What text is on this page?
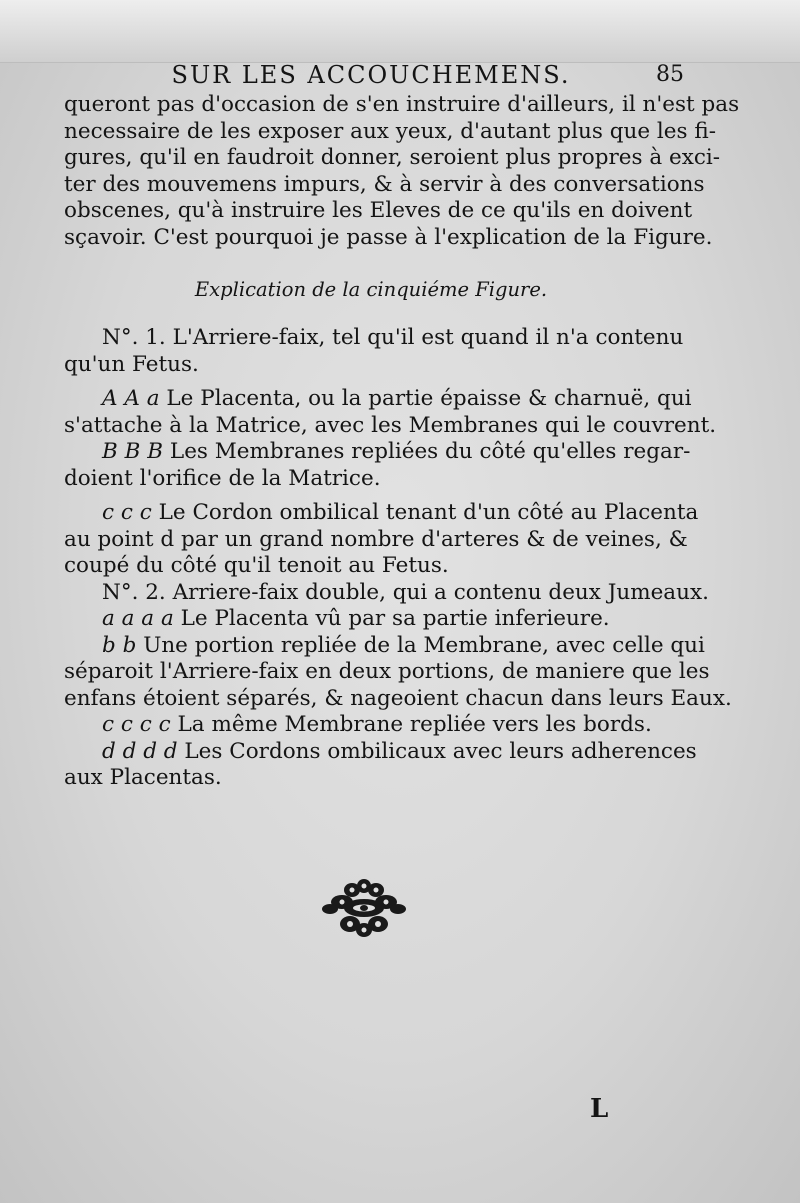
SUR LES ACCOUCHEMENS.	85
queront pas d'occasion de s'en instruire d'ailleurs, il n'est pas
necessaire de les exposer aux yeux, d'autant plus que les fi-
gures, qu'il en faudroit donner, seroient plus propres à exci-
ter des mouvemens impurs, & à servir à des conversations
obscenes, qu'à instruire les Eleves de ce qu'ils en doivent
sçavoir. C'est pourquoi je passe à l'explication de la Figure.
Explication de la cinquiéme Figure.
N°. 1. L'Arriere-faix, tel qu'il est quand il n'a contenu
qu'un Fetus.
A A a Le Placenta, ou la partie épaisse & charnuë, qui
s'attache à la Matrice, avec les Membranes qui le couvrent.
B B B Les Membranes repliées du côté qu'elles regar-
doient l'orifice de la Matrice.
c c c Le Cordon ombilical tenant d'un côté au Placenta
au point d par un grand nombre d'arteres & de veines, &
coupé du côté qu'il tenoit au Fetus.
N°. 2. Arriere-faix double, qui a contenu deux Jumeaux.
a a a a Le Placenta vû par sa partie inferieure.
b b Une portion repliée de la Membrane, avec celle qui
séparoit l'Arriere-faix en deux portions, de maniere que les
enfans étoient séparés, & nageoient chacun dans leurs Eaux.
c c c c La même Membrane repliée vers les bords.
d d d d Les Cordons ombilicaux avec leurs adherences
aux Placentas.
L
